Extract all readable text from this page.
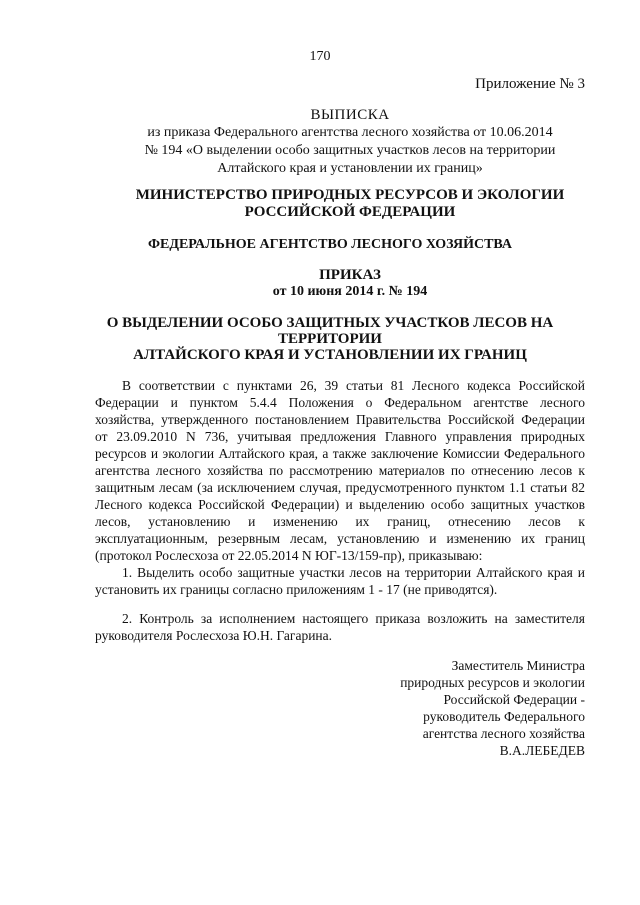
170
Приложение № 3
ВЫПИСКА
из приказа Федерального агентства лесного хозяйства от 10.06.2014
№ 194 «О выделении особо защитных участков лесов на территории
Алтайского края и установлении их границ»
МИНИСТЕРСТВО ПРИРОДНЫХ РЕСУРСОВ И ЭКОЛОГИИ
РОССИЙСКОЙ ФЕДЕРАЦИИ
ФЕДЕРАЛЬНОЕ АГЕНТСТВО ЛЕСНОГО ХОЗЯЙСТВА
ПРИКАЗ
от 10 июня 2014 г. № 194
О ВЫДЕЛЕНИИ ОСОБО ЗАЩИТНЫХ УЧАСТКОВ ЛЕСОВ НА
ТЕРРИТОРИИ
АЛТАЙСКОГО КРАЯ И УСТАНОВЛЕНИИ ИХ ГРАНИЦ
В соответствии с пунктами 26, 39 статьи 81 Лесного кодекса Российской
Федерации и пунктом 5.4.4 Положения о Федеральном агентстве лесного
хозяйства, утвержденного постановлением Правительства Российской Федерации
от 23.09.2010 N 736, учитывая предложения Главного управления природных
ресурсов и экологии Алтайского края, а также заключение Комиссии Федерального
агентства лесного хозяйства по рассмотрению материалов по отнесению лесов к
защитным лесам (за исключением случая, предусмотренного пунктом 1.1 статьи 82
Лесного кодекса Российской Федерации) и выделению особо защитных участков
лесов, установлению и изменению их границ, отнесению лесов к
эксплуатационным, резервным лесам, установлению и изменению их границ
(протокол Рослесхоза от 22.05.2014 N ЮГ-13/159-пр), приказываю:
1. Выделить особо защитные участки лесов на территории Алтайского края и
установить их границы согласно приложениям 1 - 17 (не приводятся).
2. Контроль за исполнением настоящего приказа возложить на заместителя
руководителя Рослесхоза Ю.Н. Гагарина.
Заместитель Министра
природных ресурсов и экологии
Российской Федерации -
руководитель Федерального
агентства лесного хозяйства
В.А.ЛЕБЕДЕВ
